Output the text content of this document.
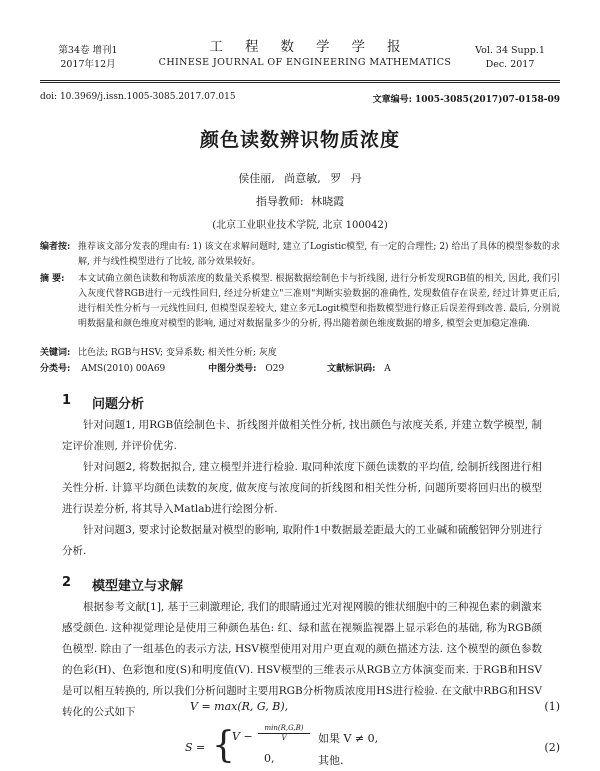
第34卷 增刊1
2017年12月
工程数学学报
CHINESE JOURNAL OF ENGINEERING MATHEMATICS
Vol. 34 Supp.1
Dec. 2017
doi: 10.3969/j.issn.1005-3085.2017.07.015	文章编号: 1005-3085(2017)07-0158-09
颜色读数辨识物质浓度
侯佳丽, 尚意敏, 罗 丹
指导教师: 林晓霞
(北京工业职业技术学院, 北京 100042)
编者按: 推荐该文部分发表的理由有: 1) 该文在求解问题时, 建立了Logistic模型, 有一定的合理性; 2) 给出了具体的模型参数的求解, 并与线性模型进行了比较, 部分效果较好。
摘 要: 本文试确立颜色读数和物质浓度的数量关系模型. 根据数据绘制色卡与折线图, 进行分析发现RGB值的相关, 因此, 我们引入灰度代替RGB进行一元线性回归, 经过分析建立"三准则"判断实验数据的准确性, 发现数值存在误差, 经过计算更正后, 进行相关性分析与一元线性回归, 但模型误差较大, 建立多元Logit模型和指数模型进行修正后误差得到改善. 最后, 分别说明数据量和颜色维度对模型的影响, 通过对数据量多少的分析, 得出随着颜色维度数据的增多, 模型会更加稳定准确.
关键词: 比色法; RGB与HSV; 变异系数; 相关性分析; 灰度
分类号: AMS(2010) 00A69	中图分类号: O29	文献标识码: A
1 问题分析

针对问题1, 用RGB值绘制色卡、折线图并做相关性分析, 找出颜色与浓度关系, 并建立数学模型, 制定评价准则, 并评价优劣.

针对问题2, 将数据拟合, 建立模型并进行检验. 取同种浓度下颜色读数的平均值, 绘制折线图进行相关性分析. 计算平均颜色读数的灰度, 做灰度与浓度间的折线图和相关性分析, 问题所要将回归出的模型进行误差分析, 将其导入Matlab进行绘图分析.

针对问题3, 要求讨论数据量对模型的影响, 取附件1中数据最差距最大的工业碱和硫酸铝钾分别进行分析.

2 模型建立与求解

根据参考文献[1], 基于三刺激理论, 我们的眼睛通过光对视网膜的锥状细胞中的三种视色素的刺激来感受颜色. 这种视觉理论是使用三种颜色基色: 红、绿和蓝在视频监视器上显示彩色的基础, 称为RGB颜色模型. 除由了一组基色的表示方法, HSV模型使用对用户更直观的颜色描述方法. 这个模型的颜色参数的色彩(H)、色彩饱和度(S)和明度值(V). HSV模型的三维表示从RGB立方体演变而来. 于RGB和HSV是可以相互转换的, 所以我们分析问题时主要用RGB分析物质浓度用HS进行检验. 在文献中RBG和HSV转化的公式如下	V = max(R, G, B),	(1)
S = {
V −
min(R,G,B)
V	如果 V ≠ 0,
0,	其他.
(2)
